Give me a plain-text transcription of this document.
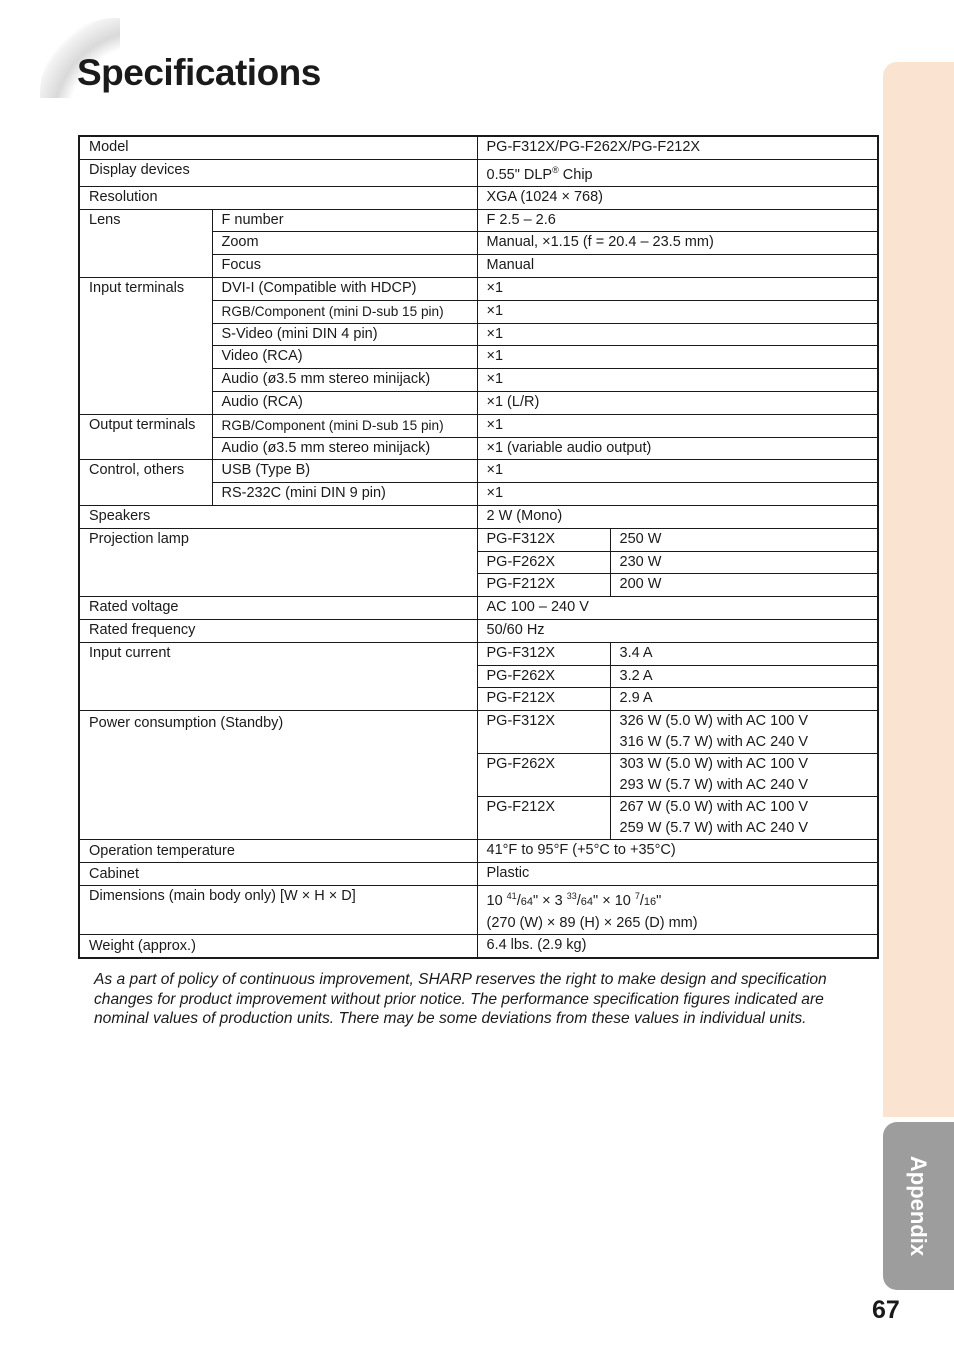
Specifications
Appendix
Model		PG-F312X/PG-F262X/PG-F212X	
Display devices		0.55" DLP® Chip	
Resolution		XGA (1024 × 768)	
Lens	F number	F 2.5 – 2.6	
	Zoom	Manual, ×1.15 (f = 20.4 – 23.5 mm)	
	Focus	Manual	
Input terminals	DVI-I (Compatible with HDCP)	×1	
	RGB/Component (mini D-sub 15 pin)	×1	
	S-Video (mini DIN 4 pin)	×1	
	Video (RCA)	×1	
	Audio (ø3.5 mm stereo minijack)	×1	
	Audio (RCA)	×1 (L/R)	
Output terminals	RGB/Component (mini D-sub 15 pin)	×1	
	Audio (ø3.5 mm stereo minijack)	×1 (variable audio output)	
Control, others	USB (Type B)	×1	
	RS-232C (mini DIN 9 pin)	×1	
Speakers		2 W (Mono)	
Projection lamp		PG-F312X	250 W
		PG-F262X	230 W
		PG-F212X	200 W
Rated voltage		AC 100 – 240 V	
Rated frequency		50/60 Hz	
Input current		PG-F312X	3.4 A
		PG-F262X	3.2 A
		PG-F212X	2.9 A
Power consumption (Standby)		PG-F312X	326 W (5.0 W) with AC 100 V
316 W (5.7 W) with AC 240 V

		PG-F262X	303 W (5.0 W) with AC 100 V
293 W (5.7 W) with AC 240 V

		PG-F212X	267 W (5.0 W) with AC 100 V
259 W (5.7 W) with AC 240 V

Operation temperature		41°F to 95°F (+5°C to +35°C)	
Cabinet		Plastic	
Dimensions (main body only) [W × H × D]		10 $^{41}$/64" × 3 $^{33}$/64" × 10 $^7$/16"
(270 (W) × 89 (H) × 265 (D) mm)	

Weight (approx.)		6.4 lbs. (2.9 kg)	

As a part of policy of continuous improvement, SHARP reserves the right to make design and specification changes for product improvement without prior notice. The performance specification figures indicated are nominal values of production units. There may be some deviations from these values in individual units.

67
